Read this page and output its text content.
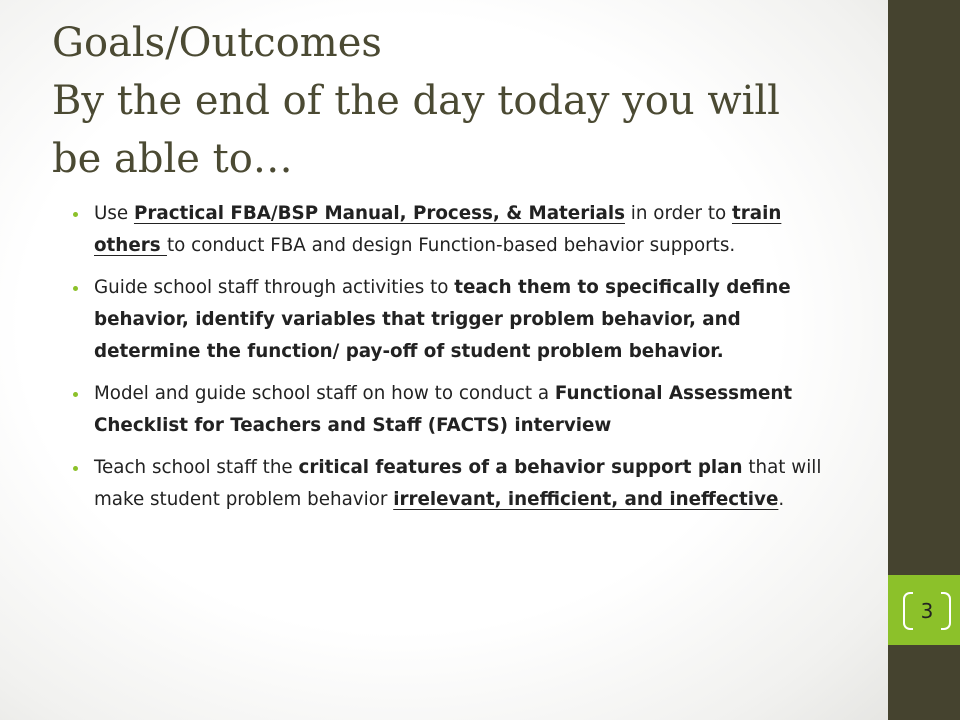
3
Goals/Outcomes
By the end of the day today you will
be able to…
Use Practical FBA/BSP Manual, Process, & Materials in order to train others to conduct FBA and design Function-based behavior supports.
Guide school staff through activities to teach them to specifically define behavior, identify variables that trigger problem behavior, and determine the function/ pay-off of student problem behavior.
Model and guide school staff on how to conduct a Functional Assessment Checklist for Teachers and Staff (FACTS) interview
Teach school staff the critical features of a behavior support plan that will make student problem behavior irrelevant, inefficient, and ineffective.
